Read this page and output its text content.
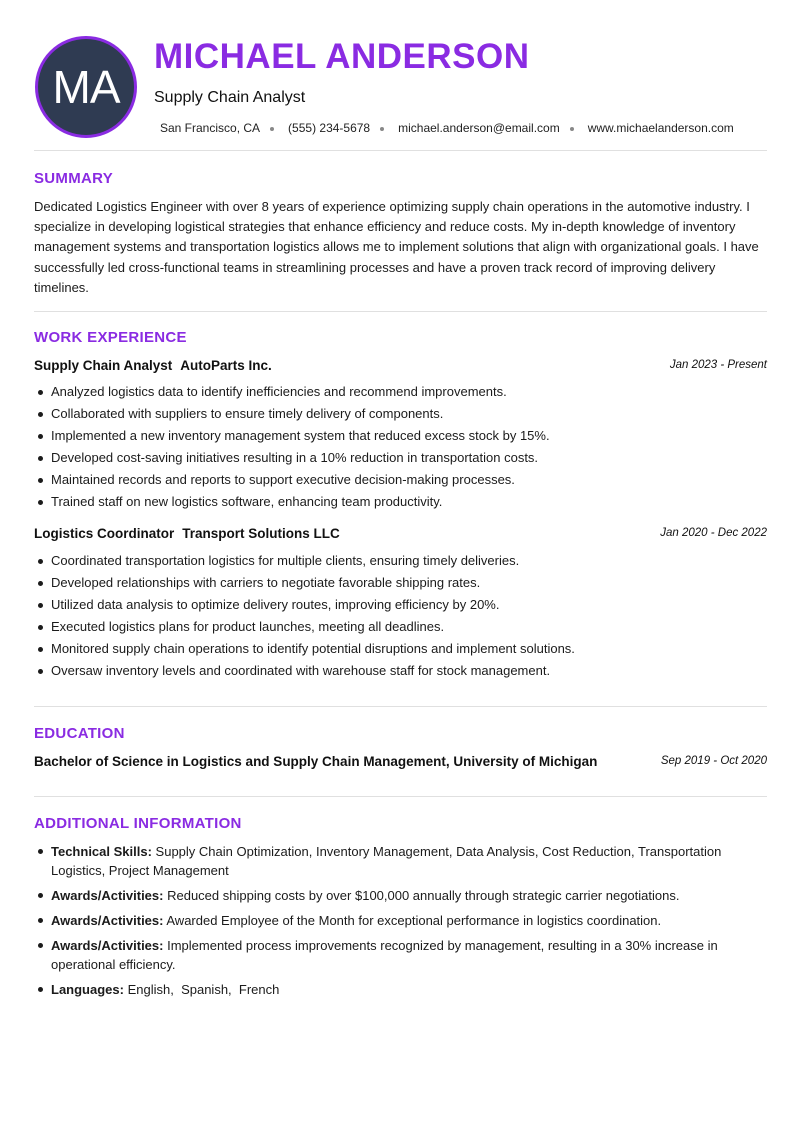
MA
MICHAEL ANDERSON
Supply Chain Analyst
San Francisco, CA (555) 234-5678 michael.anderson@email.com www.michaelanderson.com
SUMMARY
Dedicated Logistics Engineer with over 8 years of experience optimizing supply chain operations in the automotive industry. I specialize in developing logistical strategies that enhance efficiency and reduce costs. My in-depth knowledge of inventory management systems and transportation logistics allows me to implement solutions that align with organizational goals. I have successfully led cross-functional teams in streamlining processes and have a proven track record of improving delivery timelines.
WORK EXPERIENCE
Supply Chain Analyst AutoParts Inc.	Jan 2023 - Present
Analyzed logistics data to identify inefficiencies and recommend improvements.
Collaborated with suppliers to ensure timely delivery of components.
Implemented a new inventory management system that reduced excess stock by 15%.
Developed cost-saving initiatives resulting in a 10% reduction in transportation costs.
Maintained records and reports to support executive decision-making processes.
Trained staff on new logistics software, enhancing team productivity.
Logistics Coordinator Transport Solutions LLC	Jan 2020 - Dec 2022
Coordinated transportation logistics for multiple clients, ensuring timely deliveries.
Developed relationships with carriers to negotiate favorable shipping rates.
Utilized data analysis to optimize delivery routes, improving efficiency by 20%.
Executed logistics plans for product launches, meeting all deadlines.
Monitored supply chain operations to identify potential disruptions and implement solutions.
Oversaw inventory levels and coordinated with warehouse staff for stock management.
EDUCATION
Bachelor of Science in Logistics and Supply Chain Management, University of Michigan	Sep 2019 - Oct 2020
ADDITIONAL INFORMATION
Technical Skills: Supply Chain Optimization, Inventory Management, Data Analysis, Cost Reduction, Transportation Logistics, Project Management
Awards/Activities: Reduced shipping costs by over $100,000 annually through strategic carrier negotiations.
Awards/Activities: Awarded Employee of the Month for exceptional performance in logistics coordination.
Awards/Activities: Implemented process improvements recognized by management, resulting in a 30% increase in operational efficiency.
Languages: English,  Spanish,  French
